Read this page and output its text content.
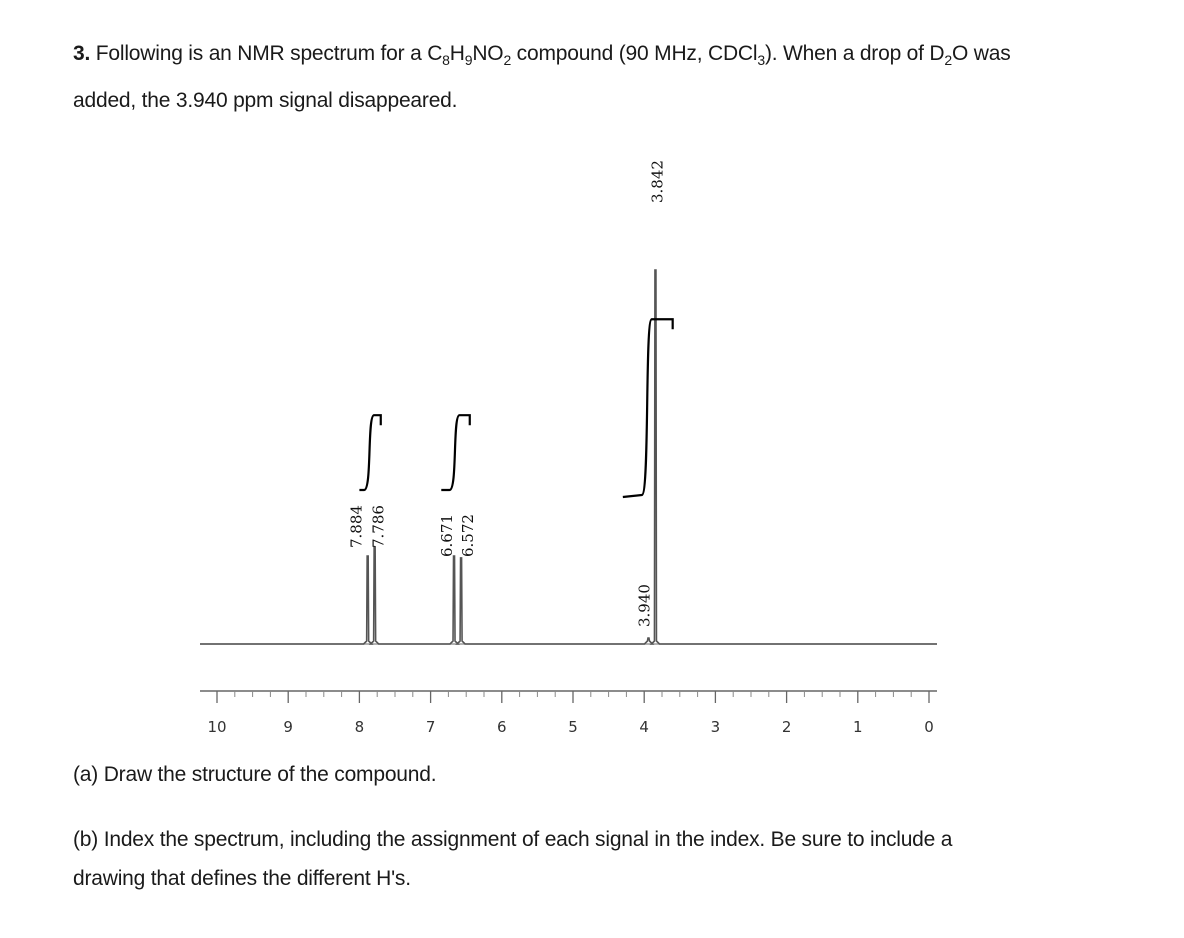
3. Following is an NMR spectrum for a $C_8H_9NO_2$ compound (90 MHz, CDCl$_3$). When a drop of $D_2O$ was
added, the 3.940 ppm signal disappeared.
10	9	8	7	6	5	4	3	2	1	0
7.884 7.786	6.671 6.572
3.940
3.842
(a) Draw the structure of the compound.
(b) Index the spectrum, including the assignment of each signal in the index. Be sure to include a
drawing that defines the different H's.
